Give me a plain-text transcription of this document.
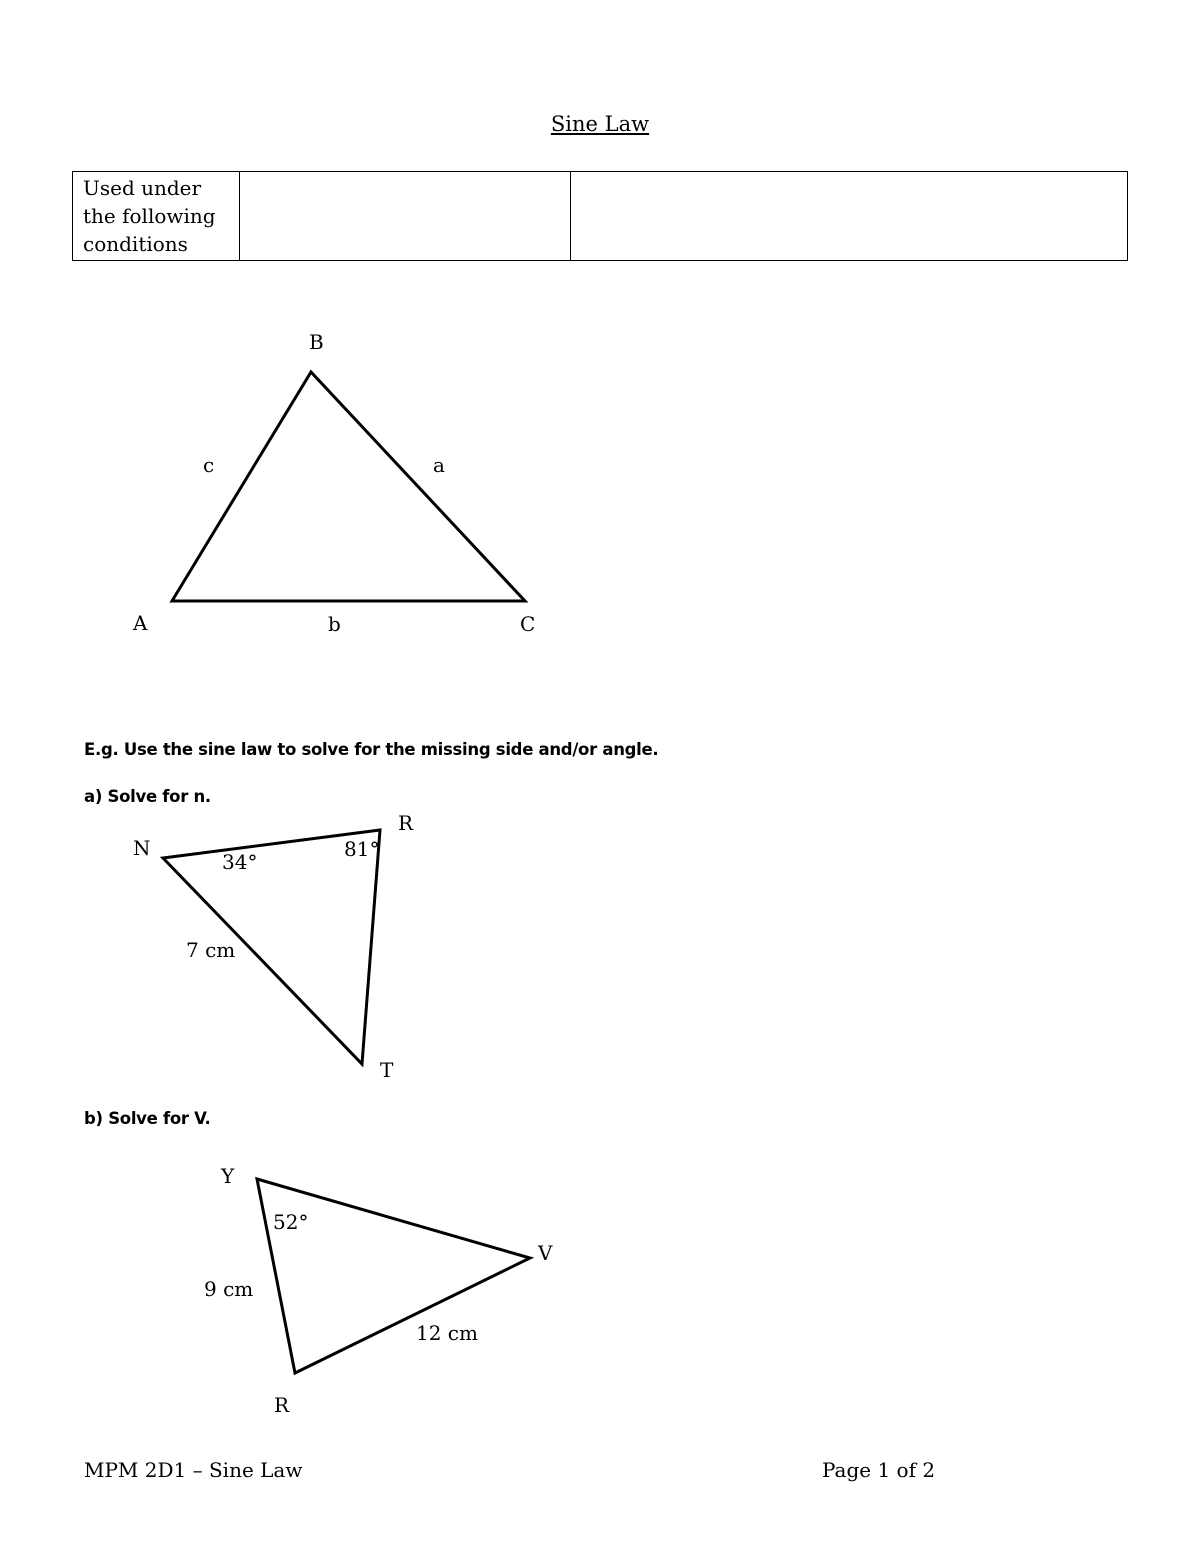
Sine Law
Used under the following conditions		
B
c	a
A	b	C
E.g. Use the sine law to solve for the missing side and/or angle.
a) Solve for n.
N
R
34°
81°
7 cm
T
b) Solve for V.
Y
52°
V
9 cm
12 cm
R
MPM 2D1 – Sine Law	Page 1 of 2
